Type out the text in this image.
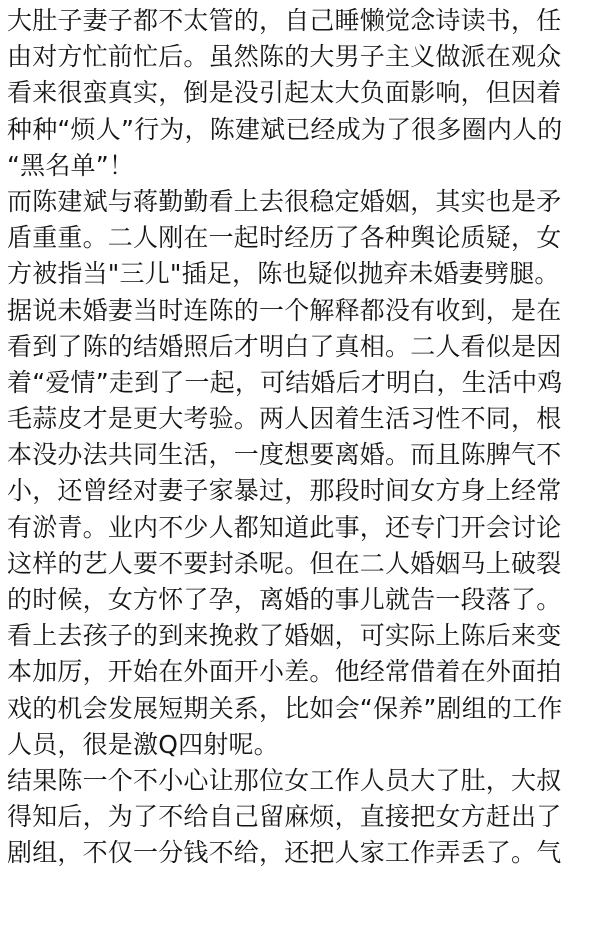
大肚子妻子都不太管的，自己睡懒觉念诗读书，任
由对方忙前忙后。虽然陈的大男子主义做派在观众
看来很蛮真实，倒是没引起太大负面影响，但因着
种种“烦人”行为，陈建斌已经成为了很多圈内人的
“黑名单”！
而陈建斌与蒋勤勤看上去很稳定婚姻，其实也是矛
盾重重。二人刚在一起时经历了各种舆论质疑，女
方被指当"三儿"插足，陈也疑似抛弃未婚妻劈腿。
据说未婚妻当时连陈的一个解释都没有收到，是在
看到了陈的结婚照后才明白了真相。二人看似是因
着“爱情”走到了一起，可结婚后才明白，生活中鸡
毛蒜皮才是更大考验。两人因着生活习性不同，根
本没办法共同生活，一度想要离婚。而且陈脾气不
小，还曾经对妻子家暴过，那段时间女方身上经常
有淤青。业内不少人都知道此事，还专门开会讨论
这样的艺人要不要封杀呢。但在二人婚姻马上破裂
的时候，女方怀了孕，离婚的事儿就告一段落了。
看上去孩子的到来挽救了婚姻，可实际上陈后来变
本加厉，开始在外面开小差。他经常借着在外面拍
戏的机会发展短期关系，比如会“保养”剧组的工作
人员，很是激Q四射呢。
结果陈一个不小心让那位女工作人员大了肚，大叔
得知后，为了不给自己留麻烦，直接把女方赶出了
剧组，不仅一分钱不给，还把人家工作弄丢了。气
